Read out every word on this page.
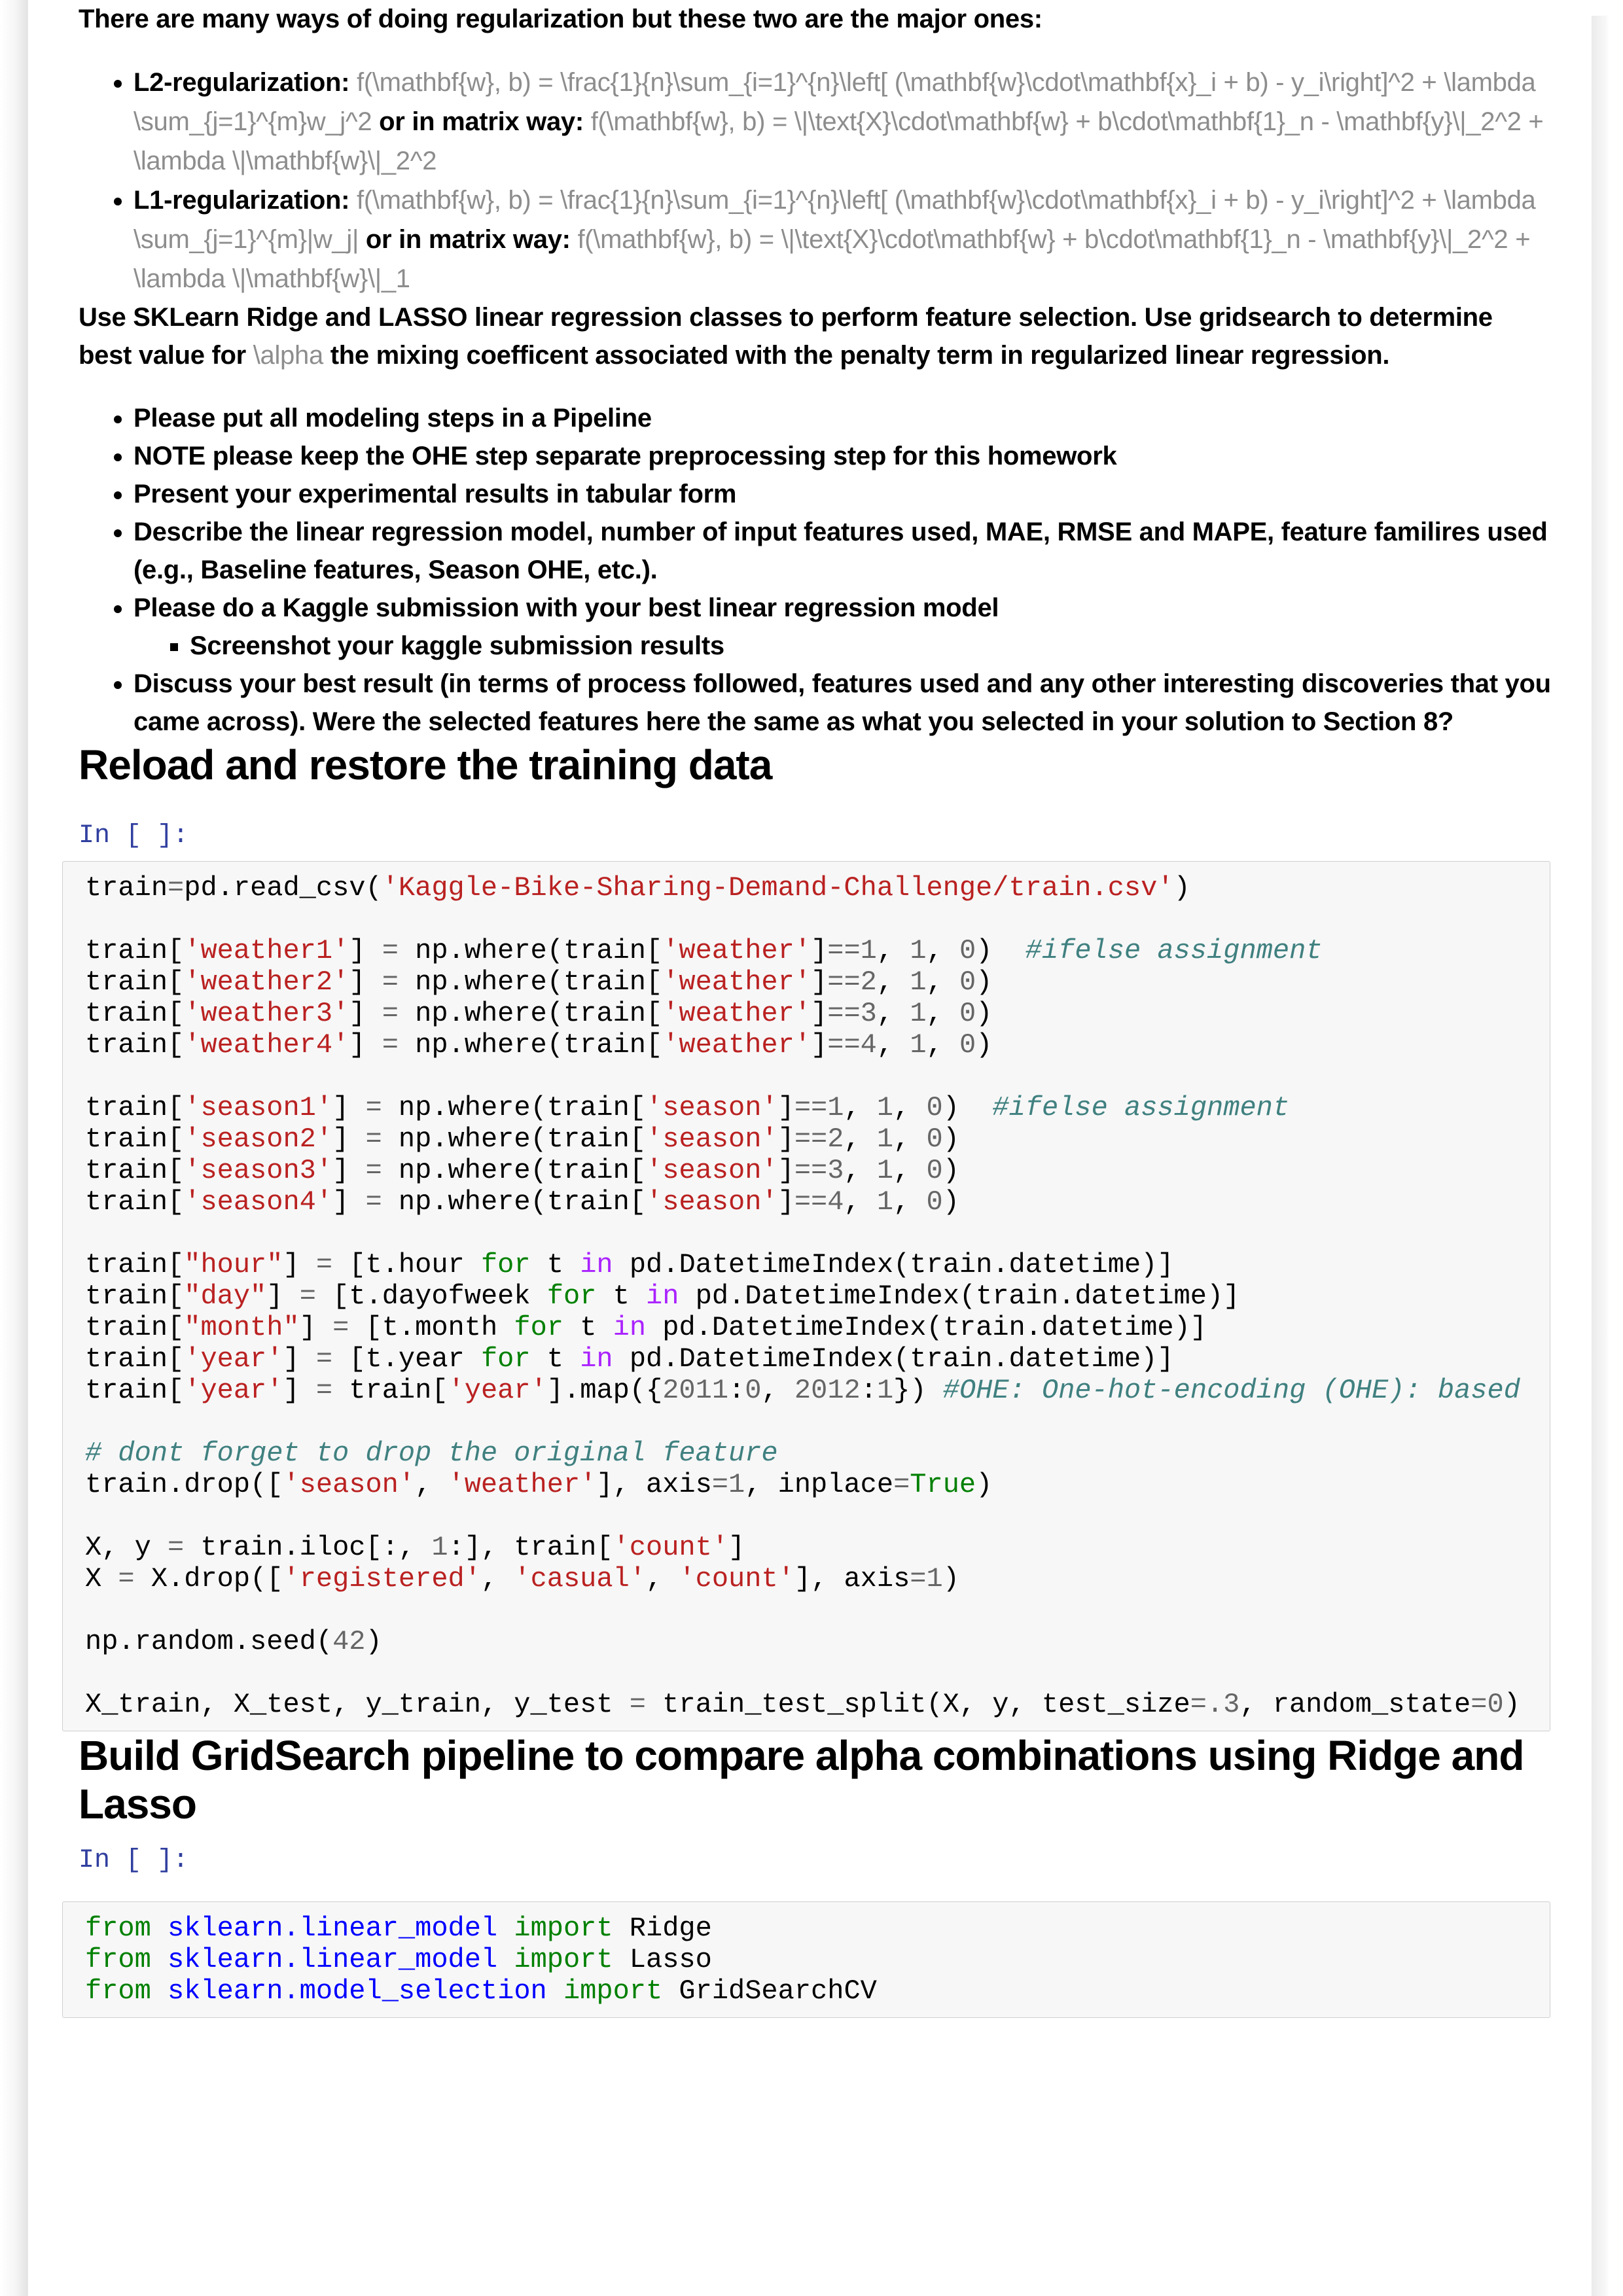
There are many ways of doing regularization but these two are the major ones:

• L2-regularization: f(\mathbf{w}, b) = \frac{1}{n}\sum_{i=1}^{n}\left[ (\mathbf{w}\cdot\mathbf{x}_i + b) - y_i\right]^2 + \lambda \sum_{j=1}^{m}w_j^2 or in matrix way: f(\mathbf{w}, b) = \|\text{X}\cdot\mathbf{w} + b\cdot\mathbf{1}_n - \mathbf{y}\|_2^2 + \lambda \|\mathbf{w}\|_2^2
• L1-regularization: f(\mathbf{w}, b) = \frac{1}{n}\sum_{i=1}^{n}\left[ (\mathbf{w}\cdot\mathbf{x}_i + b) - y_i\right]^2 + \lambda \sum_{j=1}^{m}|w_j| or in matrix way: f(\mathbf{w}, b) = \|\text{X}\cdot\mathbf{w} + b\cdot\mathbf{1}_n - \mathbf{y}\|_2^2 + \lambda \|\mathbf{w}\|_1

Use SKLearn Ridge and LASSO linear regression classes to perform feature selection. Use gridsearch to determine best value for \alpha the mixing coefficent associated with the penalty term in regularized linear regression.

• Please put all modeling steps in a Pipeline
• NOTE please keep the OHE step separate preprocessing step for this homework
• Present your experimental results in tabular form
• Describe the linear regression model, number of input features used, MAE, RMSE and MAPE, feature familires used (e.g., Baseline features, Season OHE, etc.).
• Please do a Kaggle submission with your best linear regression model
▪ Screenshot your kaggle submission results
• Discuss your best result (in terms of process followed, features used and any other interesting discoveries that you came across). Were the selected features here the same as what you selected in your solution to Section 8?
Reload and restore the training data
In [ ]:
train=pd.read_csv('Kaggle-Bike-Sharing-Demand-Challenge/train.csv')

train['weather1'] = np.where(train['weather']==1, 1, 0)  #ifelse assignment
train['weather2'] = np.where(train['weather']==2, 1, 0)
train['weather3'] = np.where(train['weather']==3, 1, 0)
train['weather4'] = np.where(train['weather']==4, 1, 0)

train['season1'] = np.where(train['season']==1, 1, 0)  #ifelse assignment
train['season2'] = np.where(train['season']==2, 1, 0)
train['season3'] = np.where(train['season']==3, 1, 0)
train['season4'] = np.where(train['season']==4, 1, 0)

train["hour"] = [t.hour for t in pd.DatetimeIndex(train.datetime)]
train["day"] = [t.dayofweek for t in pd.DatetimeIndex(train.datetime)]
train["month"] = [t.month for t in pd.DatetimeIndex(train.datetime)]
train['year'] = [t.year for t in pd.DatetimeIndex(train.datetime)]
train['year'] = train['year'].map({2011:0, 2012:1}) #OHE: One-hot-encoding (OHE): based

# dont forget to drop the original feature
train.drop(['season', 'weather'], axis=1, inplace=True)

X, y = train.iloc[:, 1:], train['count']
X = X.drop(['registered', 'casual', 'count'], axis=1)

np.random.seed(42)

X_train, X_test, y_train, y_test = train_test_split(X, y, test_size=.3, random_state=0)
Build GridSearch pipeline to compare alpha combinations using Ridge and Lasso
In [ ]:
from sklearn.linear_model import Ridge
from sklearn.linear_model import Lasso
from sklearn.model_selection import GridSearchCV
